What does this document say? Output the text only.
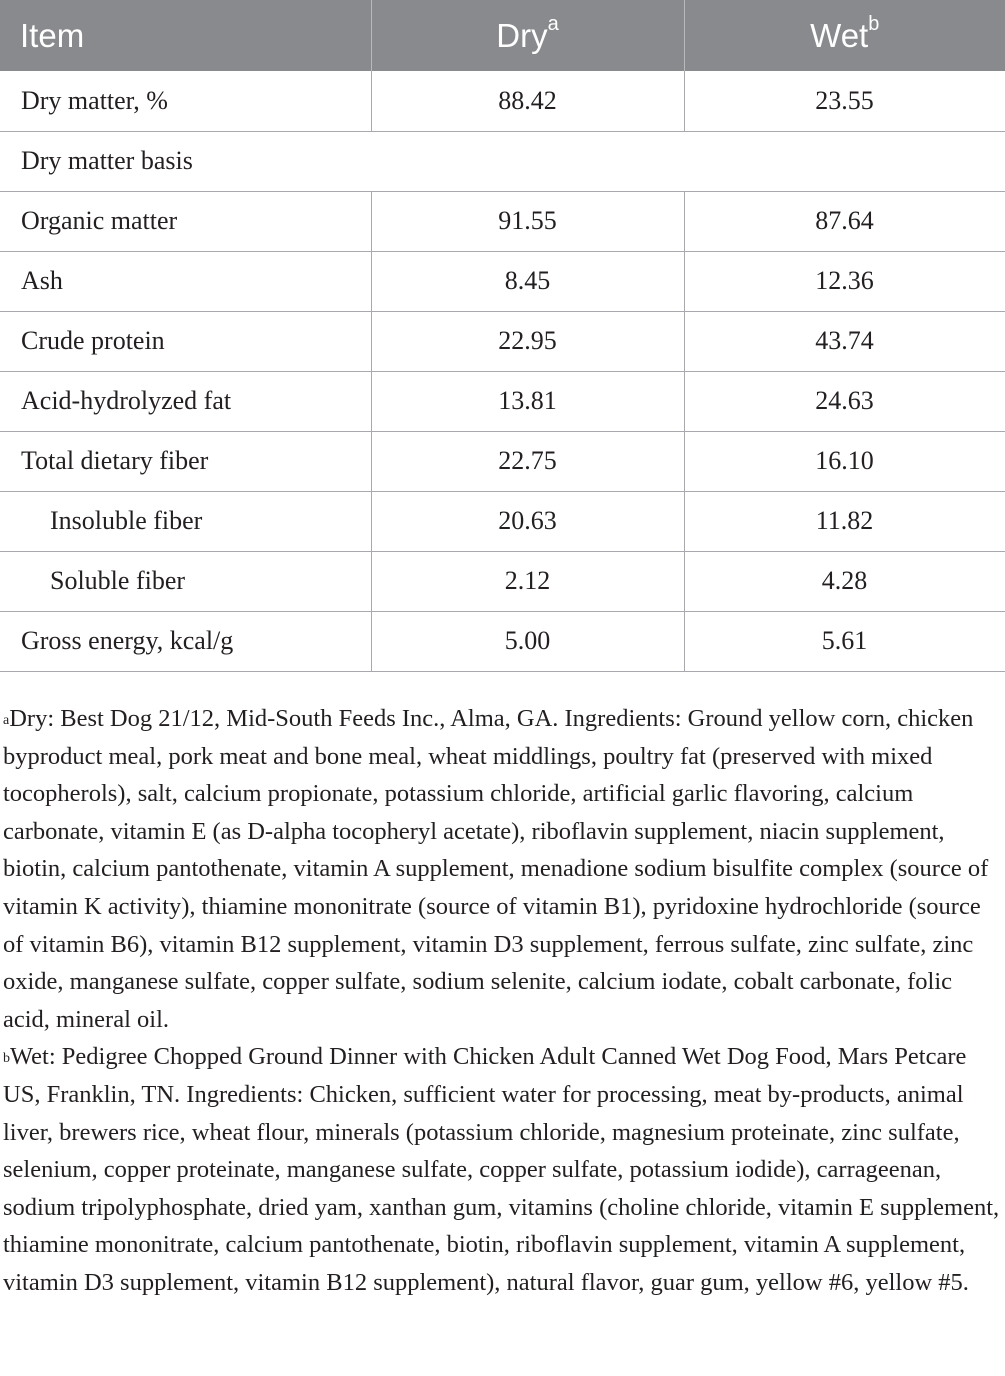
Item	Dry$^a$	Wet$^b$
Dry matter, %	88.42	23.55
Dry matter basis		
Organic matter	91.55	87.64
Ash	8.45	12.36
Crude protein	22.95	43.74
Acid-hydrolyzed fat	13.81	24.63
Total dietary fiber	22.75	16.10
Insoluble fiber	20.63	11.82
Soluble fiber	2.12	4.28
Gross energy, kcal/g	5.00	5.61

$^a$Dry: Best Dog 21/12, Mid-South Feeds Inc., Alma, GA. Ingredients: Ground yellow corn, chicken byproduct meal, pork meat and bone meal, wheat middlings, poultry fat (preserved with mixed tocopherols), salt, calcium propionate, potassium chloride, artificial garlic flavoring, calcium carbonate, vitamin E (as D-alpha tocopheryl acetate), riboflavin supplement, niacin supplement, biotin, calcium pantothenate, vitamin A supplement, menadione sodium bisulfite complex (source of vitamin K activity), thiamine mononitrate (source of vitamin B1), pyridoxine hydrochloride (source of vitamin B6), vitamin B12 supplement, vitamin D3 supplement, ferrous sulfate, zinc sulfate, zinc oxide, manganese sulfate, copper sulfate, sodium selenite, calcium iodate, cobalt carbonate, folic acid, mineral oil.

$^b$Wet: Pedigree Chopped Ground Dinner with Chicken Adult Canned Wet Dog Food, Mars Petcare US, Franklin, TN. Ingredients: Chicken, sufficient water for processing, meat by-products, animal liver, brewers rice, wheat flour, minerals (potassium chloride, magnesium proteinate, zinc sulfate, selenium, copper proteinate, manganese sulfate, copper sulfate, potassium iodide), carrageenan, sodium tripolyphosphate, dried yam, xanthan gum, vitamins (choline chloride, vitamin E supplement, thiamine mononitrate, calcium pantothenate, biotin, riboflavin supplement, vitamin A supplement, vitamin D3 supplement, vitamin B12 supplement), natural flavor, guar gum, yellow #6, yellow #5.
